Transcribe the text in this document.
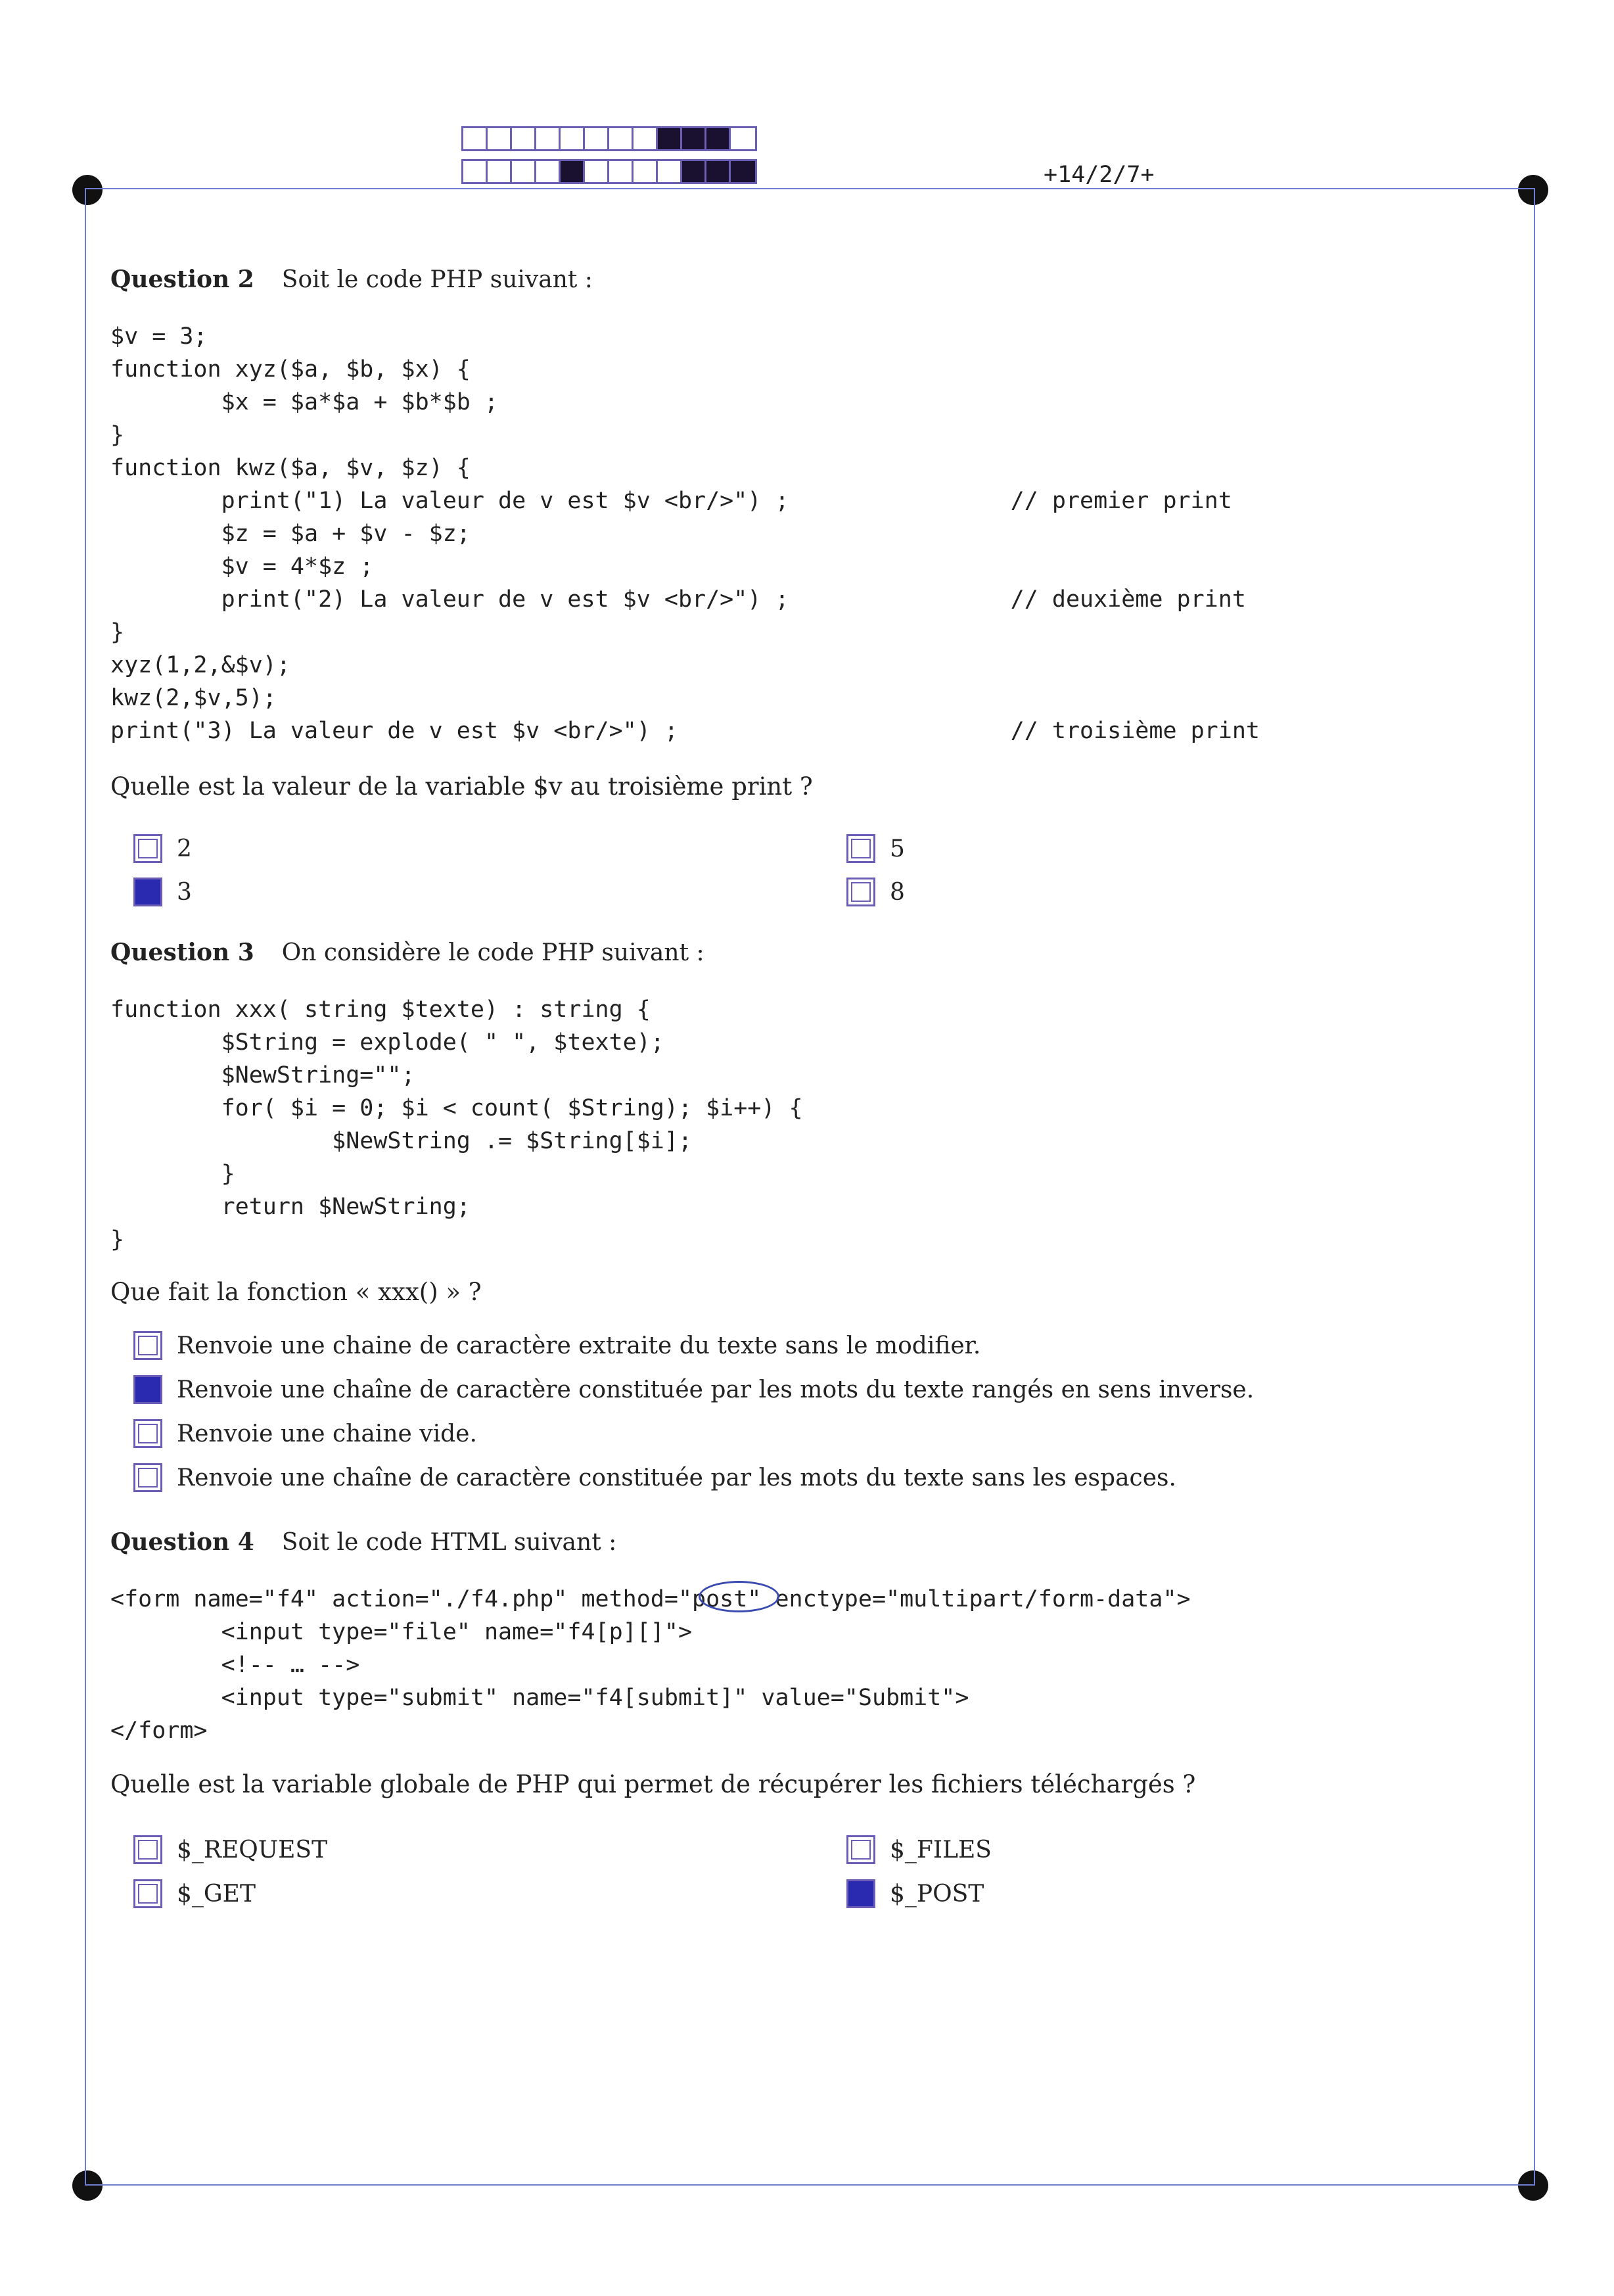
+14/2/7+
Question 2 Soit le code PHP suivant :
$v = 3;
function xyz($a, $b, $x) {
$x = $a*$a + $b*$b ;
}
function kwz($a, $v, $z) {
print("1) La valeur de v est $v <br/>") ;                // premier print
$z = $a + $v - $z;
$v = 4*$z ;
print("2) La valeur de v est $v <br/>") ;                // deuxième print
}
xyz(1,2,&$v);
kwz(2,$v,5);
print("3) La valeur de v est $v <br/>") ;                        // troisième print
Quelle est la valeur de la variable $v au troisième print ?
2	5
3	8
Question 3 On considère le code PHP suivant :
function xxx( string $texte) : string {
$String = explode( " ", $texte);
$NewString="";
for( $i = 0; $i < count( $String); $i++) {
$NewString .= $String[$i];
}
return $NewString;
}
Que fait la fonction « xxx() » ?
Renvoie une chaine de caractère extraite du texte sans le modifier.
Renvoie une chaîne de caractère constituée par les mots du texte rangés en sens inverse.
Renvoie une chaine vide.
Renvoie une chaîne de caractère constituée par les mots du texte sans les espaces.
Question 4 Soit le code HTML suivant :
<form name="f4" action="./f4.php" method="post" enctype="multipart/form-data">
<input type="file" name="f4[p][]">
<!-- … -->
<input type="submit" name="f4[submit]" value="Submit">
</form>
Quelle est la variable globale de PHP qui permet de récupérer les fichiers téléchargés ?
$_REQUEST	$_FILES
$_GET	$_POST
